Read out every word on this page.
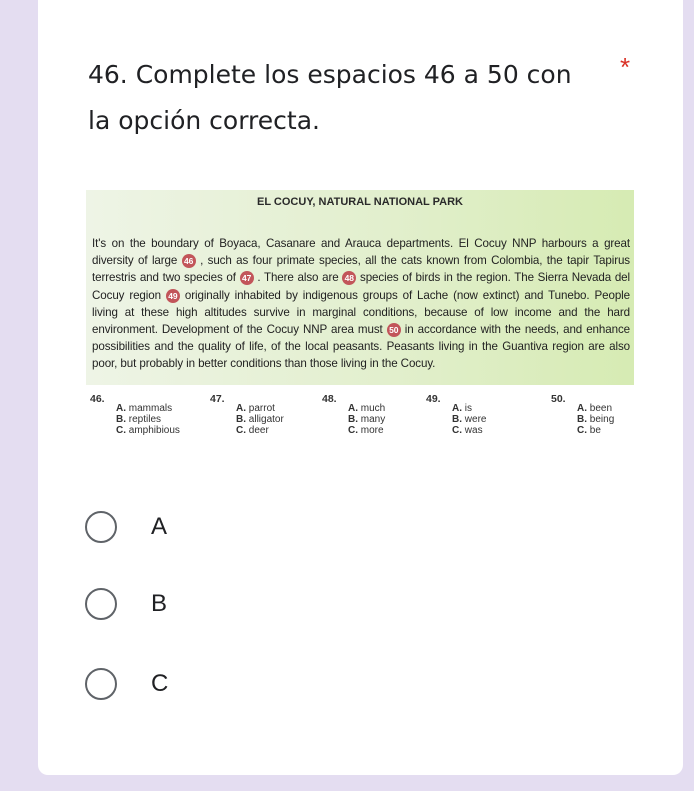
46. Complete los espacios 46 a 50 con la opción correcta.
*
EL COCUY, NATURAL NATIONAL PARK
It's on the boundary of Boyaca, Casanare and Arauca departments. El Cocuy NNP harbours a great diversity of large 46 , such as four primate species, all the cats known from Colombia, the tapir Tapirus terrestris and two species of 47 . There also are 48 species of birds in the region. The Sierra Nevada del Cocuy region 49 originally inhabited by indigenous groups of Lache (now extinct) and Tunebo. People living at these high altitudes survive in marginal conditions, because of low income and the hard environment. Development of the Cocuy NNP area must 50 in accordance with the needs, and enhance possibilities and the quality of life, of the local peasants. Peasants living in the Guantiva region are also poor, but probably in better conditions than those living in the Cocuy.
46.
A. mammals
B. reptiles
C. amphibious
47.
A. parrot
B. alligator
C. deer
48.
A. much
B. many
C. more
49.
A. is
B. were
C. was
50.
A. been
B. being
C. be
A
B
C
